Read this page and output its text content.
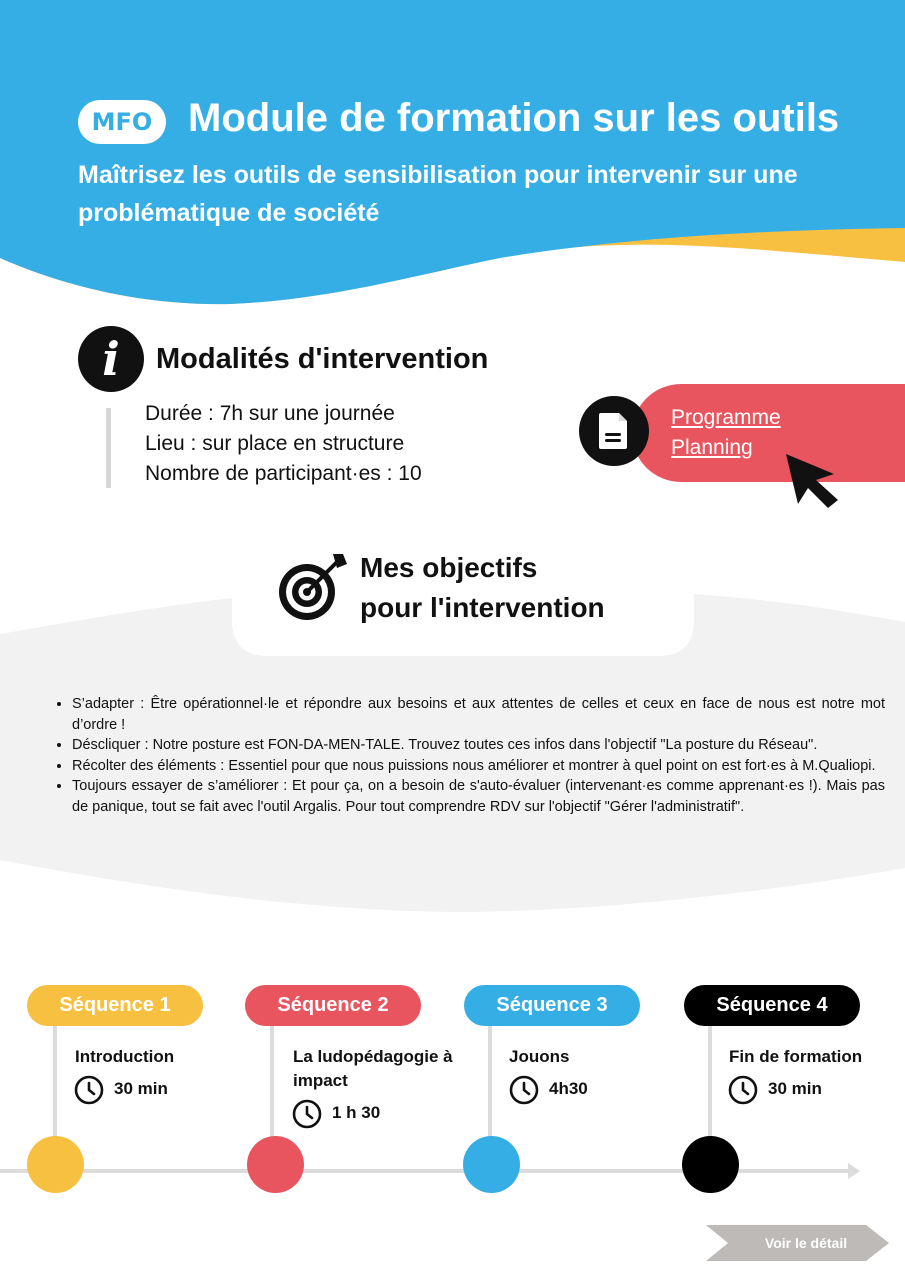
MFO Module de formation sur les outils
Maîtrisez les outils de sensibilisation pour intervenir sur une problématique de société
i	Modalités d'intervention
Durée : 7h sur une journée
Lieu : sur place en structure
Nombre de participant·es : 10
Programme
Planning
Mes objectifs
pour l'intervention
• S’adapter : Être opérationnel·le et répondre aux besoins et aux attentes de celles et ceux en face de nous est notre mot d’ordre !
• Déscliquer : Notre posture est FON-DA-MEN-TALE. Trouvez toutes ces infos dans l'objectif "La posture du Réseau".
• Récolter des éléments : Essentiel pour que nous puissions nous améliorer et montrer à quel point on est fort·es à M.Qualiopi.
• Toujours essayer de s’améliorer : Et pour ça, on a besoin de s'auto-évaluer (intervenant·es comme apprenant·es !). Mais pas de panique, tout se fait avec l'outil Argalis. Pour tout comprendre RDV sur l'objectif "Gérer l'administratif".
Séquence 1
Introduction
30 min
Séquence 2
La ludopédagogie à impact
1 h 30
Séquence 3
Jouons
4h30
Séquence 4
Fin de formation
30 min
Voir le détail
